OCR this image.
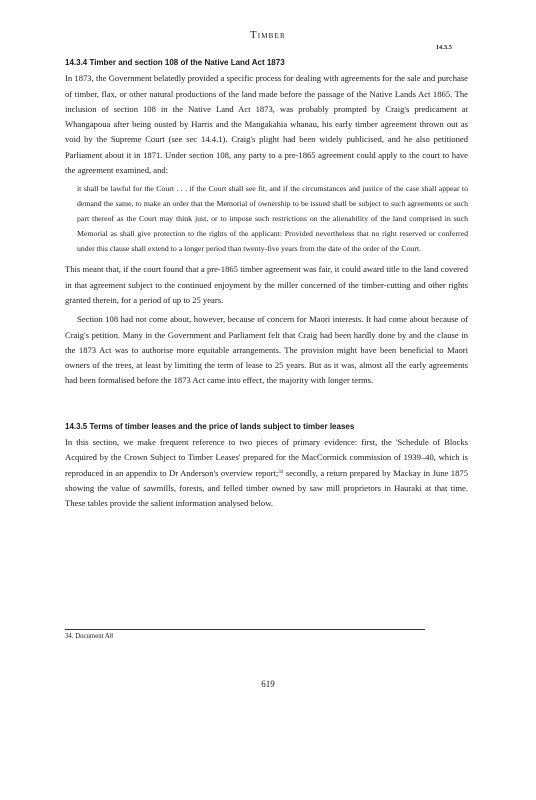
Timber
14.3.5
14.3.4 Timber and section 108 of the Native Land Act 1873

In 1873, the Government belatedly provided a specific process for dealing with agreements for the sale and purchase of timber, flax, or other natural productions of the land made before the passage of the Native Lands Act 1865. The inclusion of section 108 in the Native Land Act 1873, was probably prompted by Craig's predicament at Whangapoua after being ousted by Harris and the Mangakahia whanau, his early timber agreement thrown out as void by the Supreme Court (see sec 14.4.1). Craig's plight had been widely publicised, and he also petitioned Parliament about it in 1871. Under section 108, any party to a pre-1865 agreement could apply to the court to have the agreement examined, and:

it shall be lawful for the Court . . . if the Court shall see fit, and if the circumstances and justice of the case shall appear to demand the same, to make an order that the Memorial of ownership to be issued shall be subject to such agreements or such part thereof as the Court may think just, or to impose such restrictions on the alienability of the land comprised in such Memorial as shall give protection to the rights of the applicant: Provided nevertheless that no right reserved or conferred under this clause shall extend to a longer period than twenty-five years from the date of the order of the Court.

This meant that, if the court found that a pre-1865 timber agreement was fair, it could award title to the land covered in that agreement subject to the continued enjoyment by the miller concerned of the timber-cutting and other rights granted therein, for a period of up to 25 years.

Section 108 had not come about, however, because of concern for Maori interests. It had come about because of Craig's petition. Many in the Government and Parliament felt that Craig had been hardly done by and the clause in the 1873 Act was to authorise more equitable arrangements. The provision might have been beneficial to Maori owners of the trees, at least by limiting the term of lease to 25 years. But as it was, almost all the early agreements had been formalised before the 1873 Act came into effect, the majority with longer terms.

14.3.5 Terms of timber leases and the price of lands subject to timber leases

In this section, we make frequent reference to two pieces of primary evidence: first, the 'Schedule of Blocks Acquired by the Crown Subject to Timber Leases' prepared for the MacCormick commission of 1939–40, which is reproduced in an appendix to Dr Anderson's overview report;$^{34}$ secondly, a return prepared by Mackay in June 1875 showing the value of sawmills, forests, and felled timber owned by saw mill proprietors in Hauraki at that time. These tables provide the salient information analysed below.

34. Document A8
619
